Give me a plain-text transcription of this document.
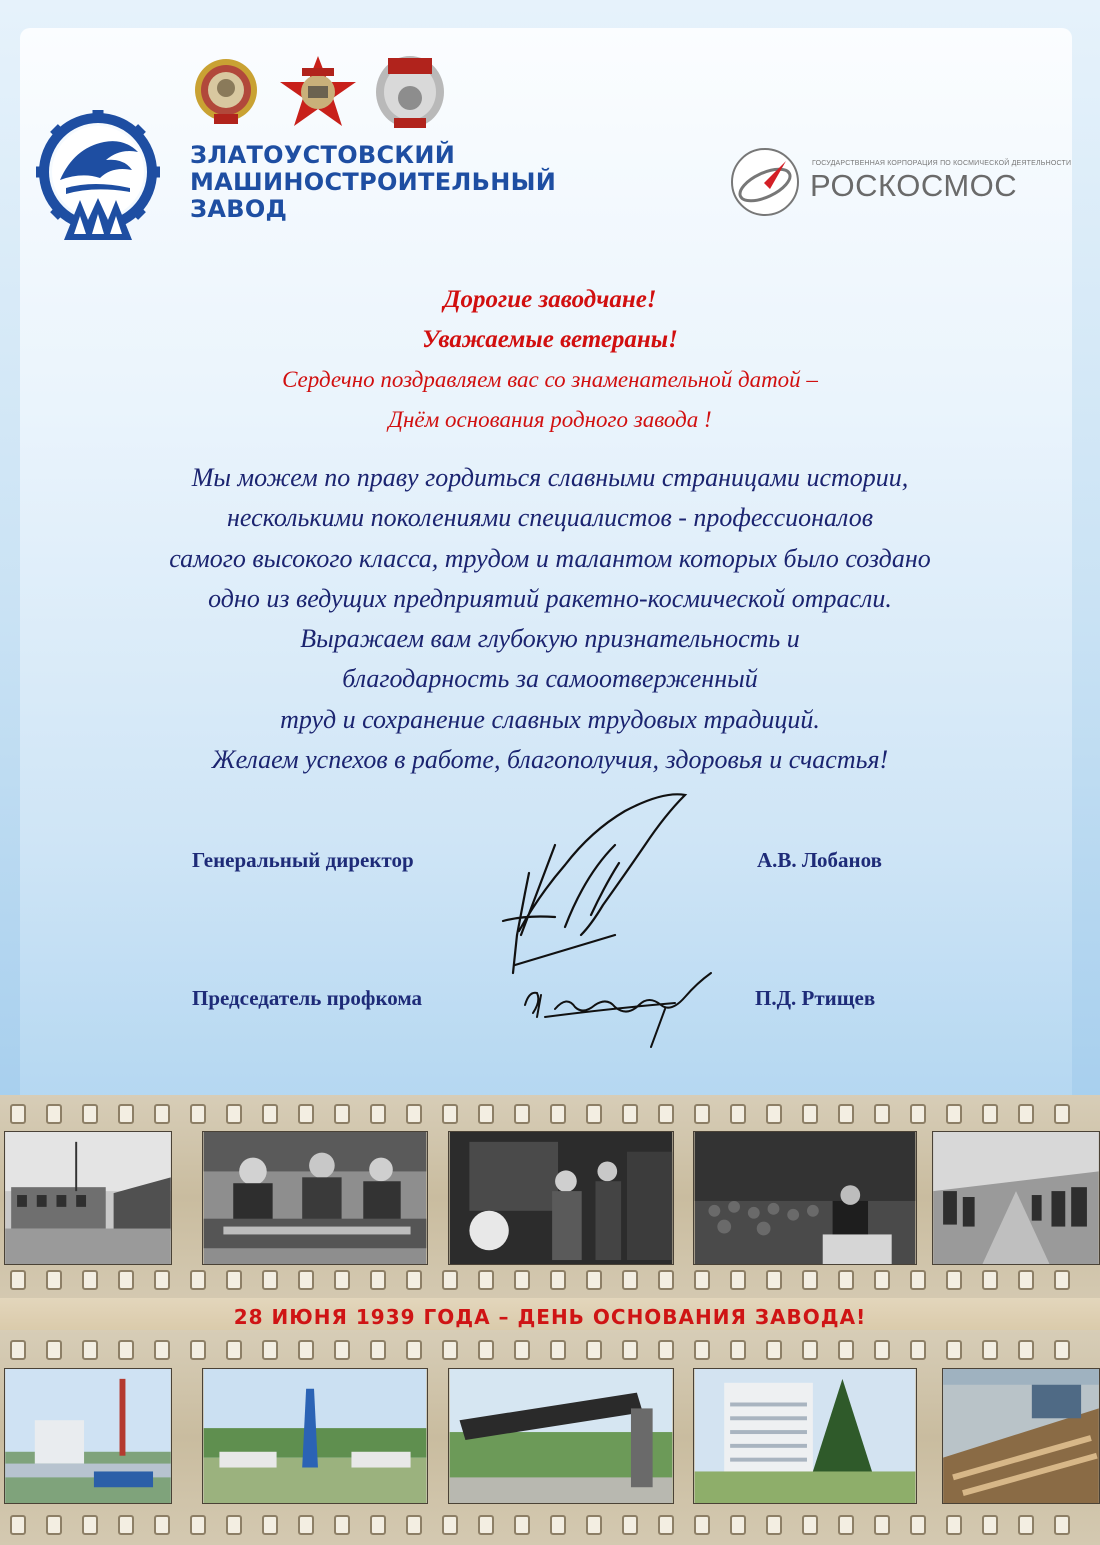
ЗЛАТОУСТОВСКИЙ
МАШИНОСТРОИТЕЛЬНЫЙ
ЗАВОД
ГОСУДАРСТВЕННАЯ КОРПОРАЦИЯ ПО КОСМИЧЕСКОЙ ДЕЯТЕЛЬНОСТИ
РОСКОСМОС
Дорогие заводчане!
Уважаемые ветераны!
Сердечно поздравляем вас со знаменательной датой –
Днём основания родного завода !
Мы можем по праву гордиться славными страницами истории,
несколькими поколениями специалистов - профессионалов
самого высокого класса, трудом и талантом которых было создано
одно из ведущих предприятий ракетно-космической отрасли.
Выражаем вам глубокую признательность и
благодарность за самоотверженный
труд и сохранение славных трудовых традиций.
Желаем успехов в работе, благополучия, здоровья и счастья!
Генеральный директор	А.В. Лобанов
Председатель профкома	П.Д. Ртищев
28 ИЮНЯ 1939 ГОДА – ДЕНЬ ОСНОВАНИЯ ЗАВОДА!
